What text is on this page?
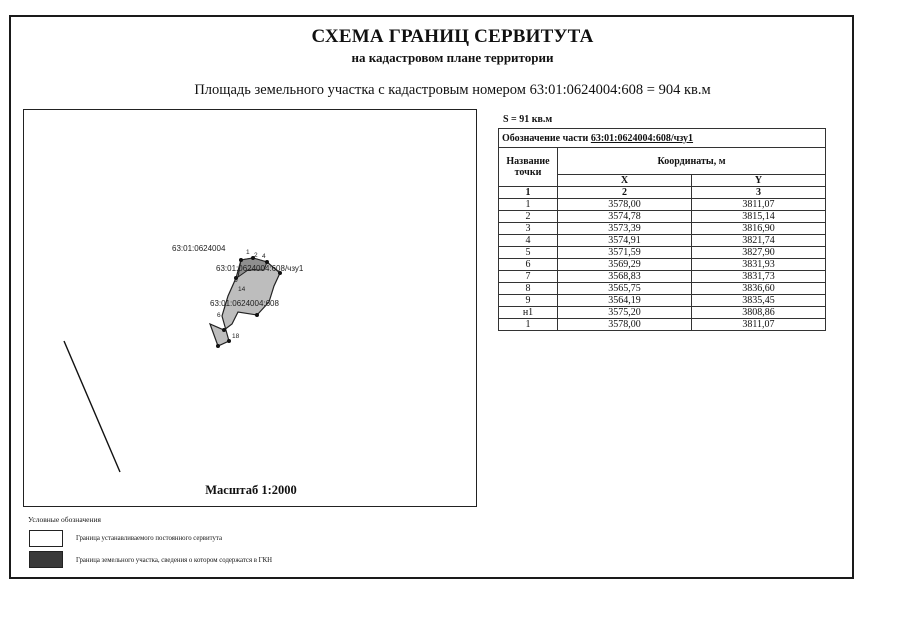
СХЕМА ГРАНИЦ СЕРВИТУТА
на кадастровом плане территории
Площадь земельного участка с кадастровым номером 63:01:0624004:608 = 904 кв.м
63:01:0624004
63:01:0624004:608/чзу1
63:01:0624004:608
1 2 4
5
14
6
18
Масштаб 1:2000
S = 91 кв.м
Обозначение части 63:01:0624004:608/чзу1		
Название точки	Координаты, м	
	X	Y
1	2	3
1	3578,00	3811,07
2	3574,78	3815,14
3	3573,39	3816,90
4	3574,91	3821,74
5	3571,59	3827,90
6	3569,29	3831,93
7	3568,83	3831,73
8	3565,75	3836,60
9	3564,19	3835,45
н1	3575,20	3808,86
1	3578,00	3811,07
Условные обозначения
Граница устанавливаемого постоянного сервитута
Граница земельного участка, сведения о котором содержатся в ГКН
